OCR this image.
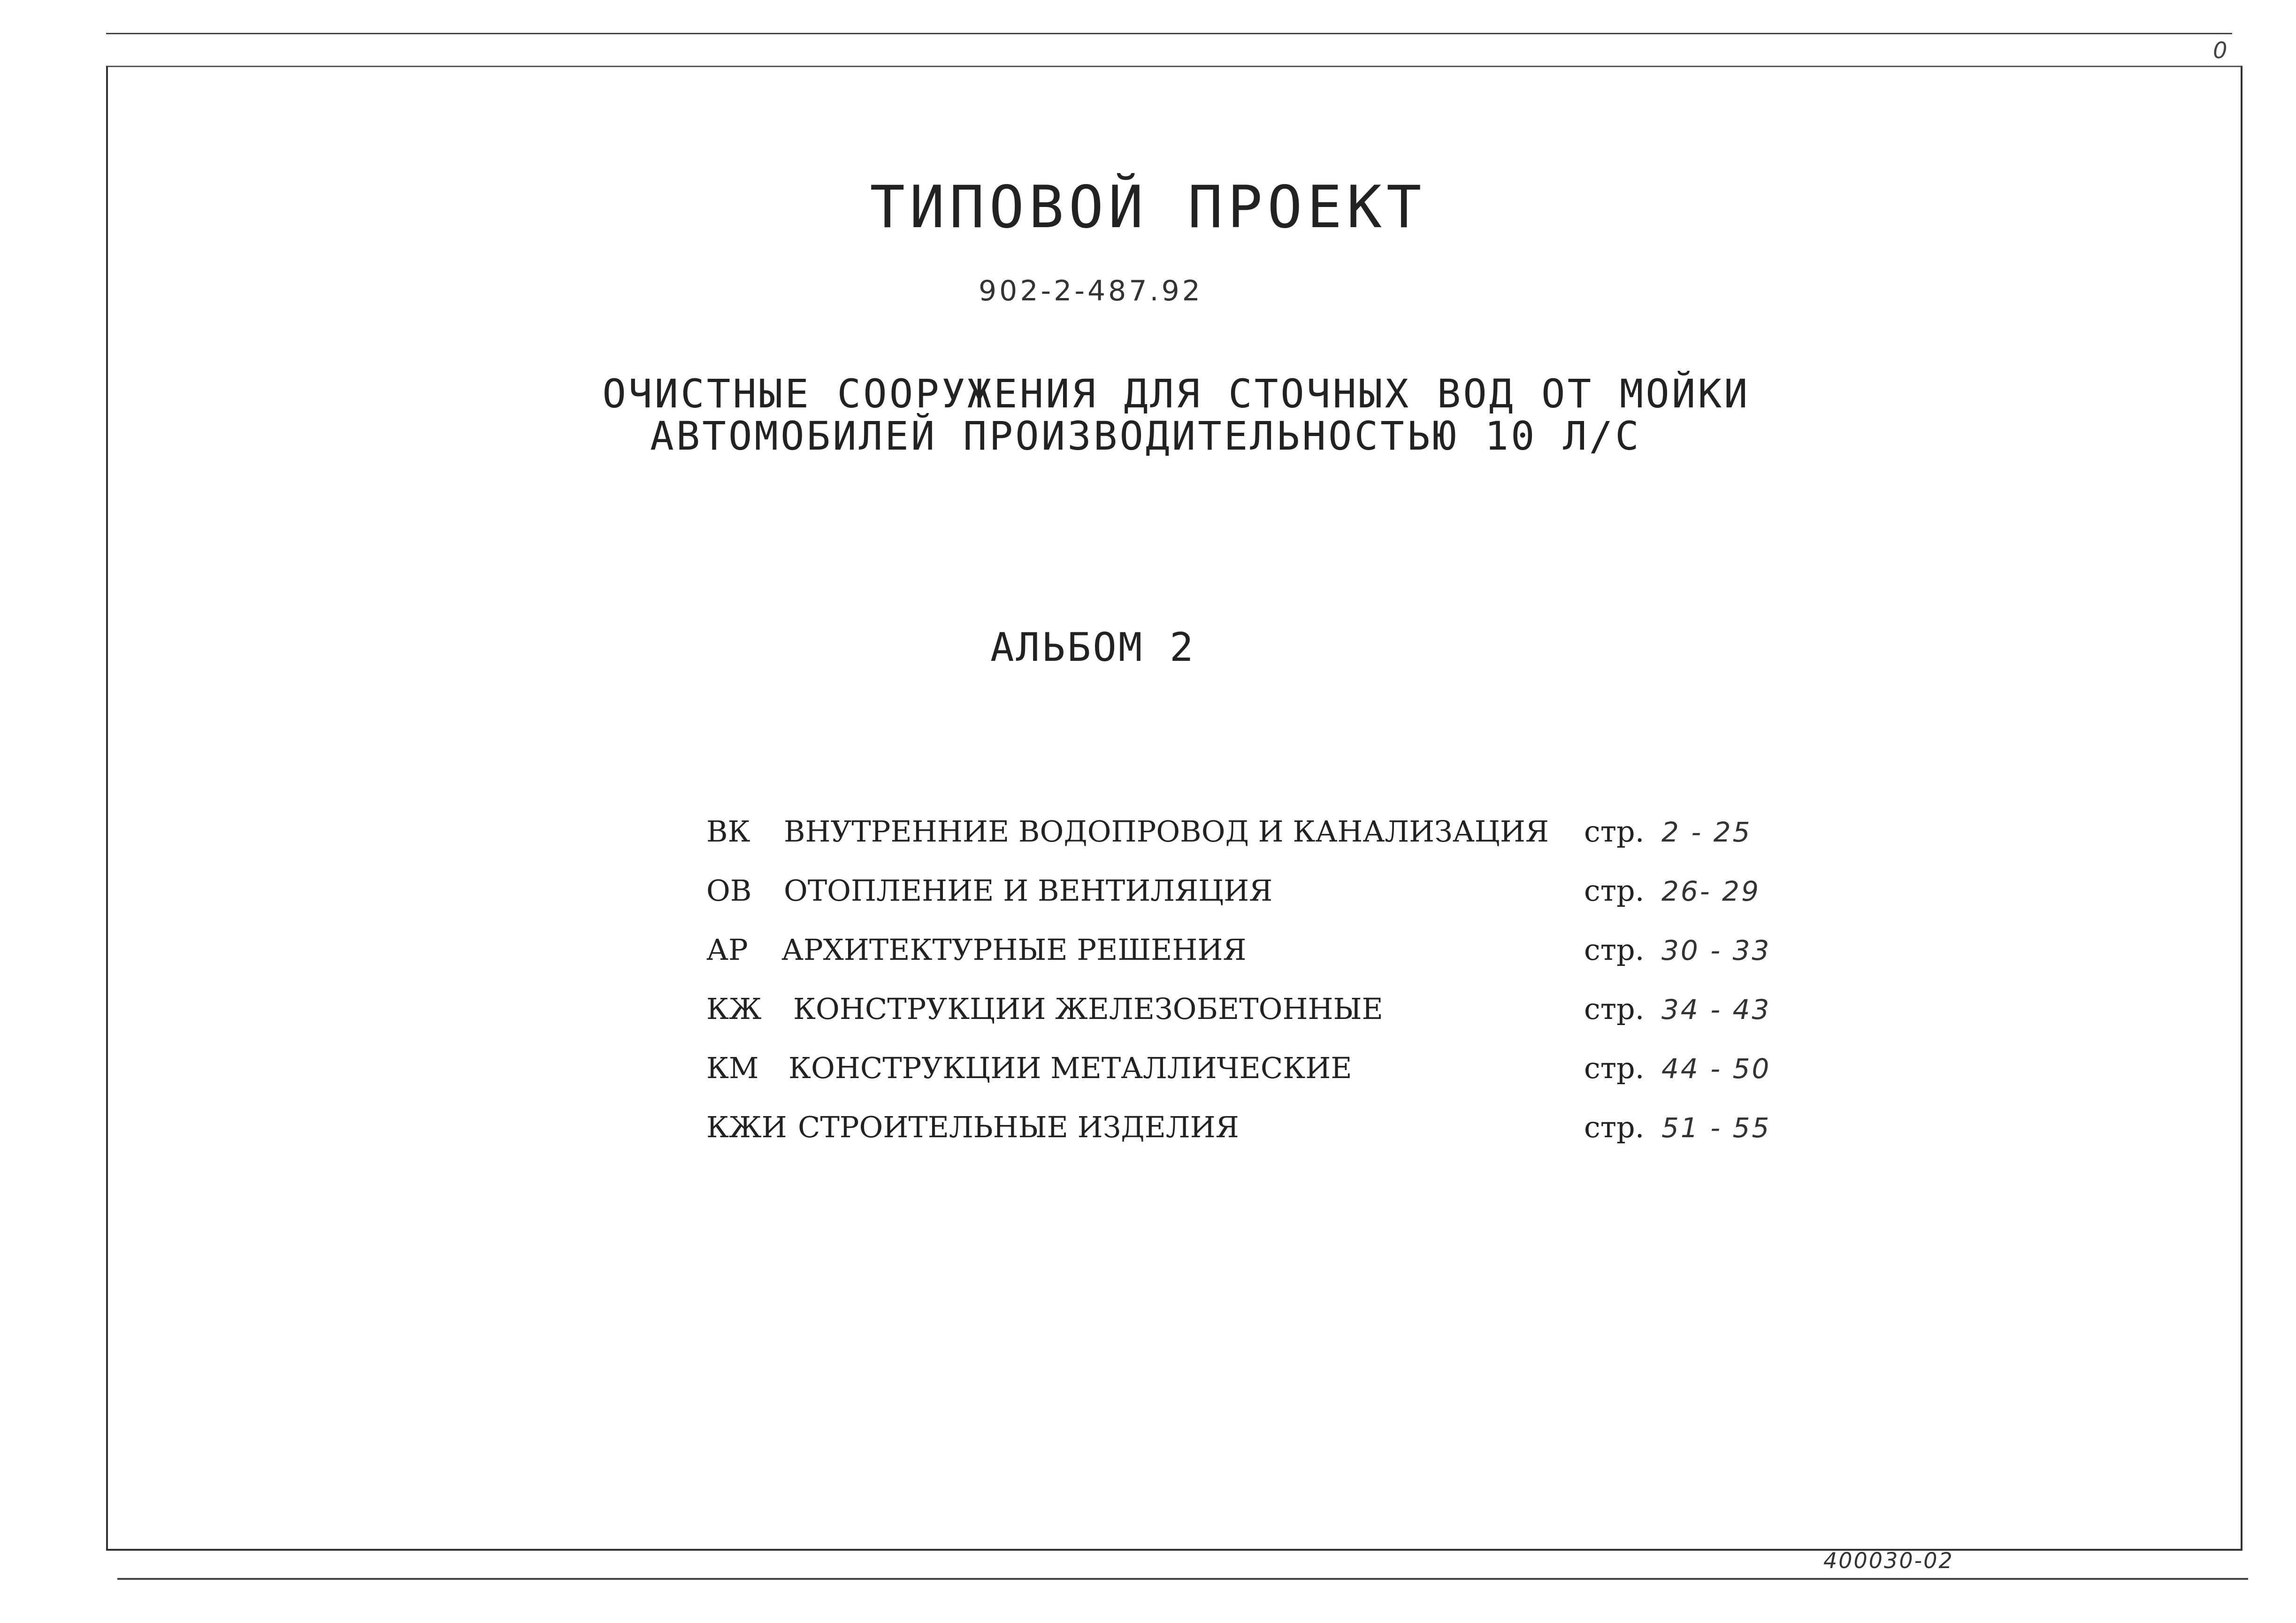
0
ТИПОВОЙ ПРОЕКТ
902-2-487.92
ОЧИСТНЫЕ СООРУЖЕНИЯ ДЛЯ СТОЧНЫХ ВОД ОТ МОЙКИ
АВТОМОБИЛЕЙ ПРОИЗВОДИТЕЛЬНОСТЬЮ 10 Л/С
АЛЬБОМ 2
ВК ВНУТРЕННИЕ ВОДОПРОВОД И КАНАЛИЗАЦИЯ стр. 2 - 25
ОВ ОТОПЛЕНИЕ И ВЕНТИЛЯЦИЯ	стр. 26- 29
АР АРХИТЕКТУРНЫЕ РЕШЕНИЯ	стр. 30 - 33
КЖ КОНСТРУКЦИИ ЖЕЛЕЗОБЕТОННЫЕ	стр. 34 - 43
КМ КОНСТРУКЦИИ МЕТАЛЛИЧЕСКИЕ	стр. 44 - 50
КЖИ СТРОИТЕЛЬНЫЕ ИЗДЕЛИЯ	стр. 51 - 55
400030-02
